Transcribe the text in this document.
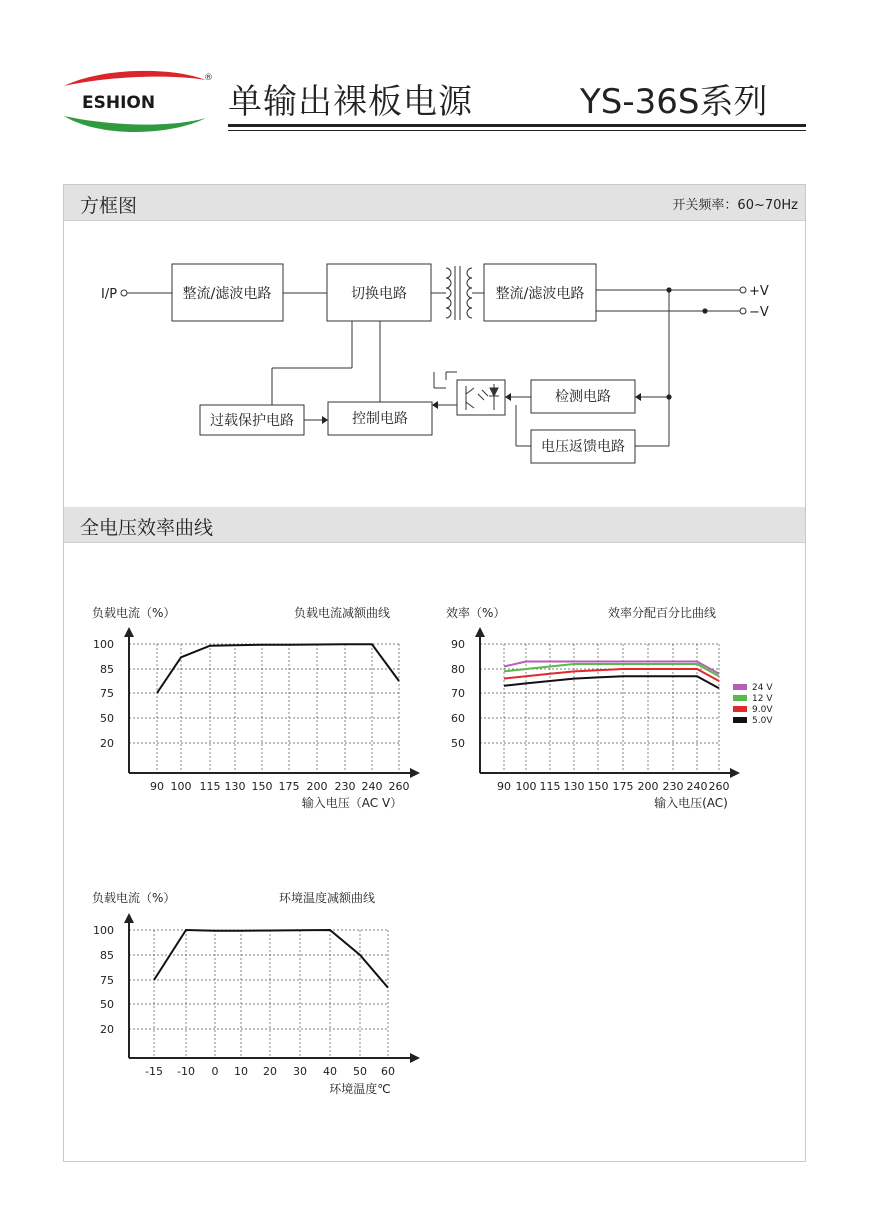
ESHION
®
单输出裸板电源	YS-36S系列
方框图	开关频率：60~70Hz
I/P	+V
−V
整流/滤波电路	切换电路	整流/滤波电路
过载保护电路	控制电路
检测电路
电压返馈电路
全电压效率曲线
100
85
75
50
20
90 100 115 130 150 175 200 230 240 260
负载电流（%）	负载电流减额曲线
输入电压（AC V）
90
80
70
60
50
90 100 115 130 150 175 200 230 240 260
效率（%）	效率分配百分比曲线
输入电压(AC)
24 V
12 V
9.0V
5.0V
100
85
75
50
20
-15 -10 0 10 20 30 40 50 60
负载电流（%）	环境温度减额曲线
环境温度℃
